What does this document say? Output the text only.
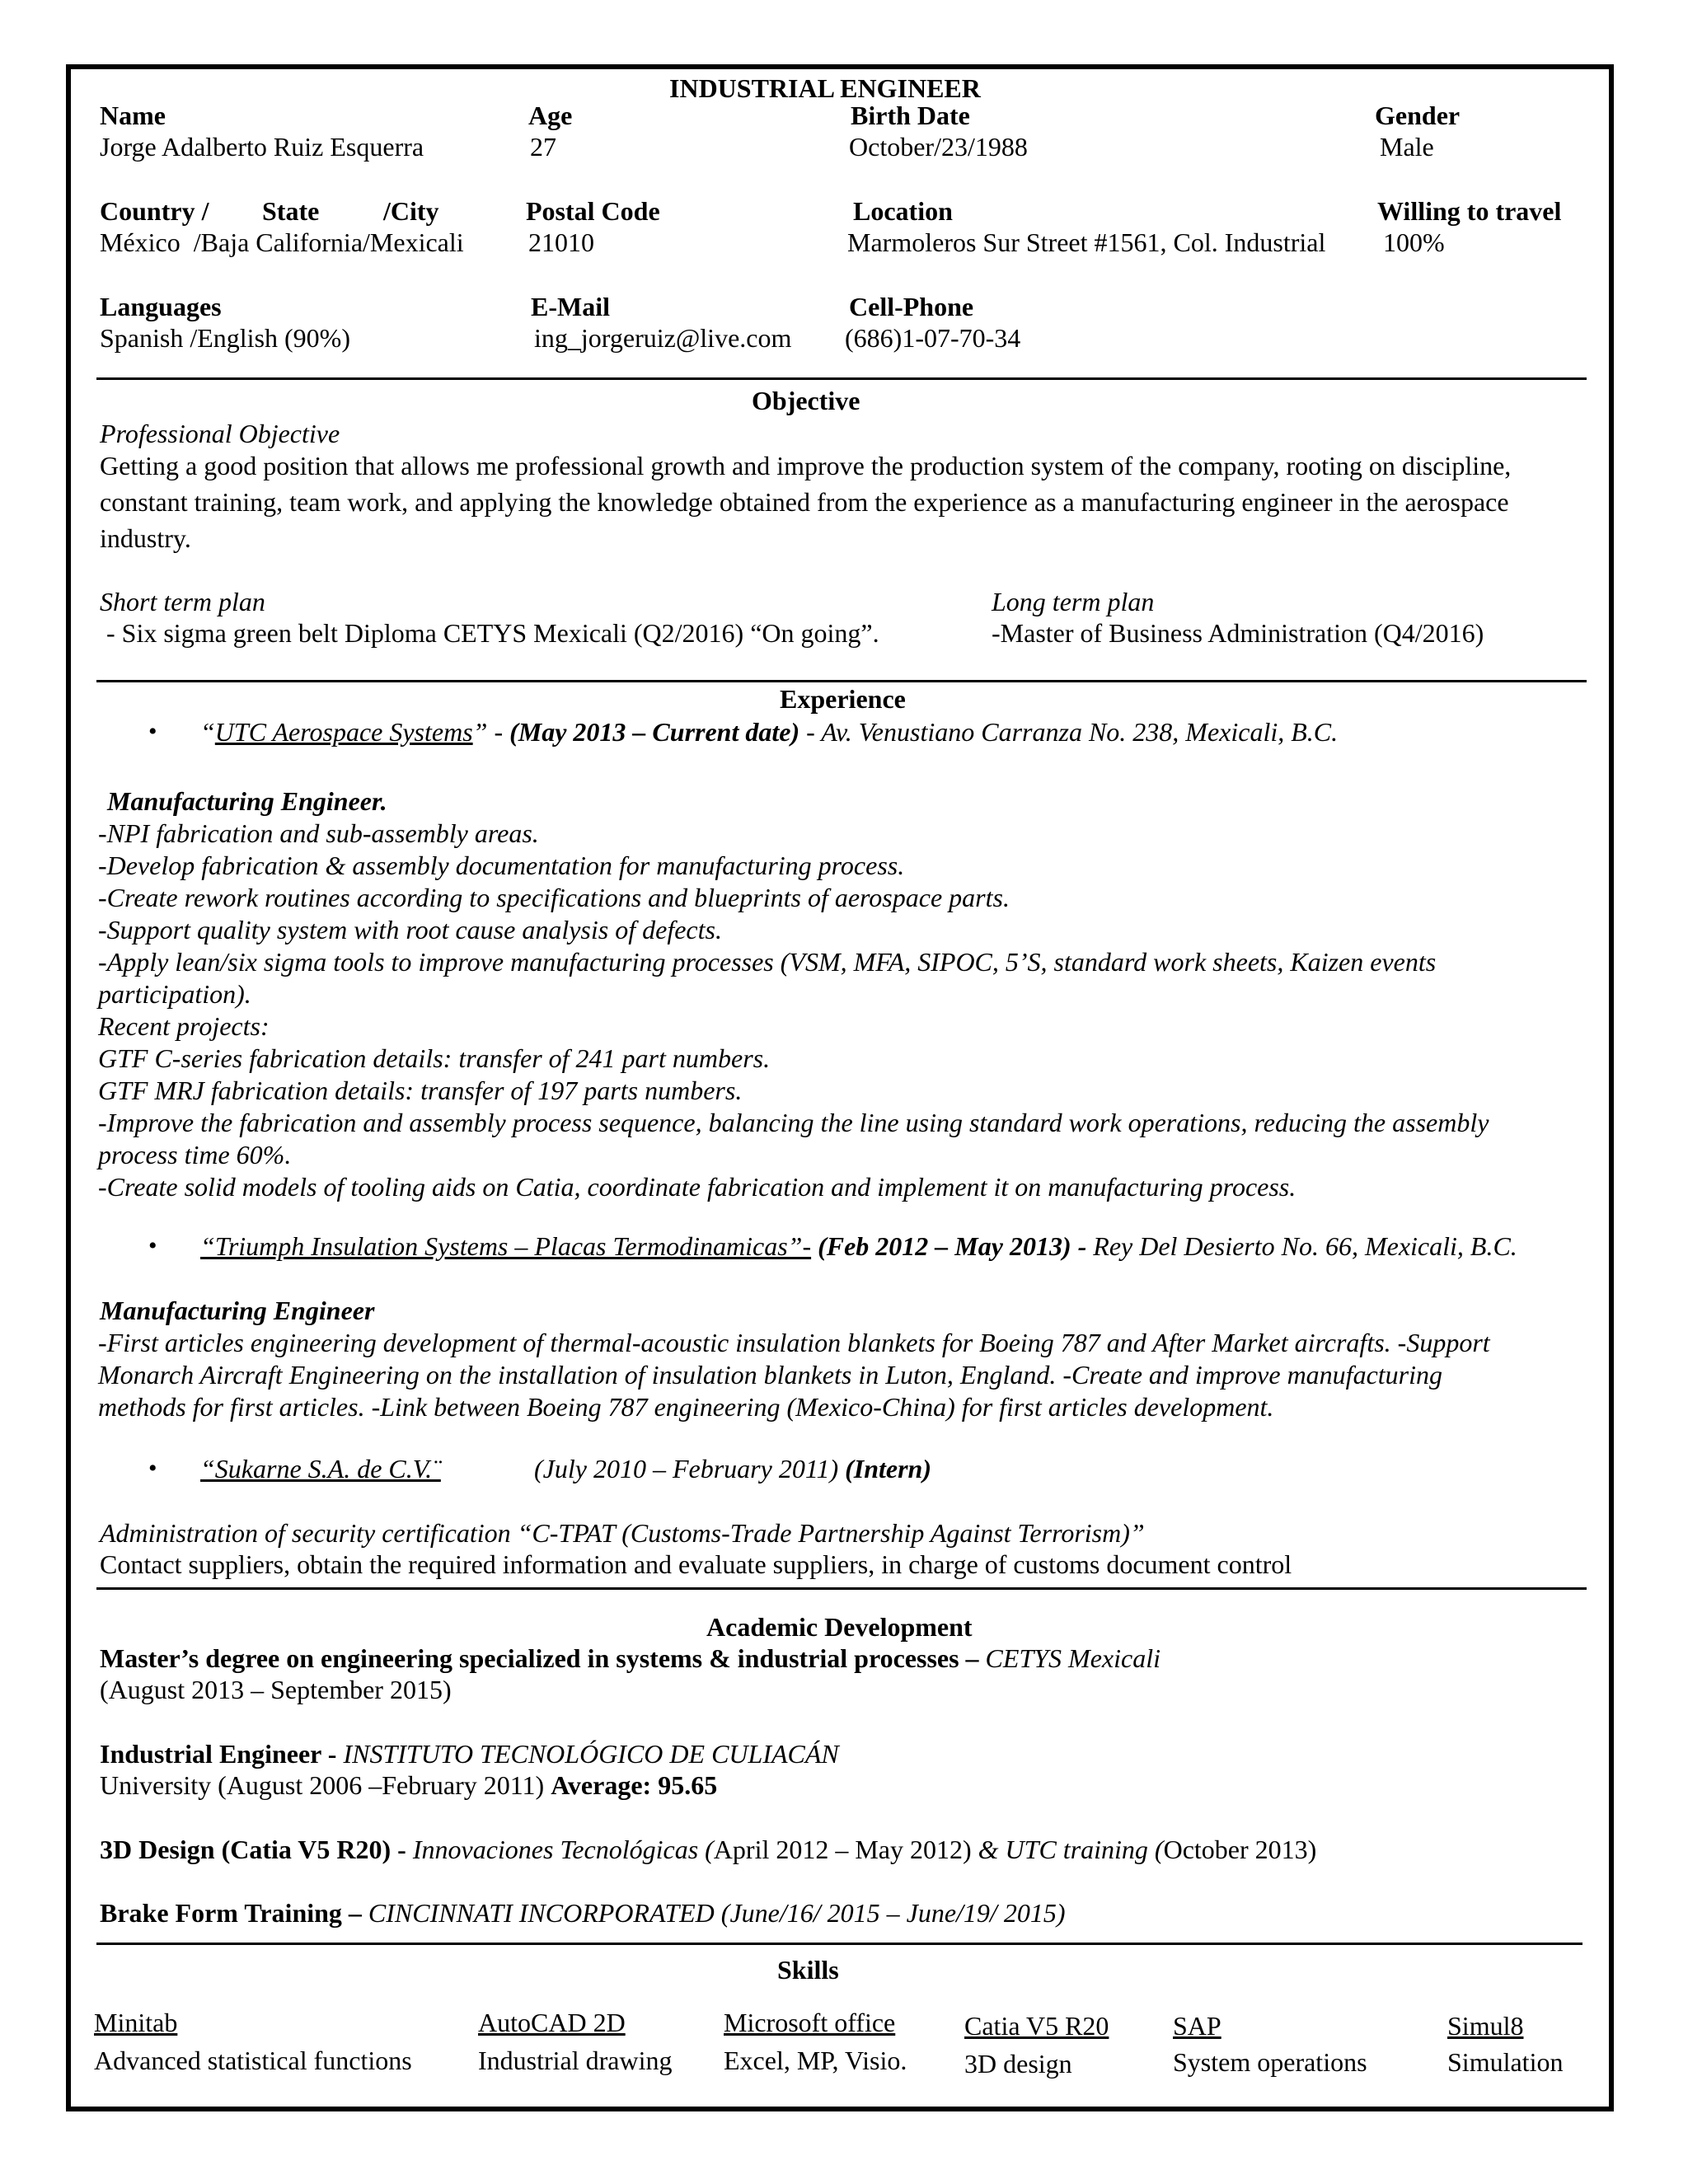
INDUSTRIAL ENGINEER
Name
Jorge Adalberto Ruiz Esquerra
Age
27
Birth Date
October/23/1988
Gender
Male
Country / State /City
México  /Baja California/Mexicali
Postal Code
21010
Location
Marmoleros Sur Street #1561, Col. Industrial
Willing to travel
100%
Languages
Spanish /English (90%)
E-Mail
ing_jorgeruiz@live.com
Cell-Phone
(686)1-07-70-34
Objective
Professional Objective
Getting a good position that allows me professional growth and improve the production system of the company, rooting on discipline, constant training, team work, and applying the knowledge obtained from the experience as a manufacturing engineer in the aerospace industry.
Short term plan
- Six sigma green belt Diploma CETYS Mexicali (Q2/2016) “On going”.
Long term plan
-Master of Business Administration (Q4/2016)
Experience
• “UTC Aerospace Systems” - (May 2013 – Current date) - Av. Venustiano Carranza No. 238, Mexicali, B.C.
Manufacturing Engineer.
-NPI fabrication and sub-assembly areas.
-Develop fabrication & assembly documentation for manufacturing process.
-Create rework routines according to specifications and blueprints of aerospace parts.
-Support quality system with root cause analysis of defects.
-Apply lean/six sigma tools to improve manufacturing processes (VSM, MFA, SIPOC, 5’S, standard work sheets, Kaizen events
participation).
Recent projects:
GTF C-series fabrication details: transfer of 241 part numbers.
GTF MRJ fabrication details: transfer of 197 parts numbers.
-Improve the fabrication and assembly process sequence, balancing the line using standard work operations, reducing the assembly
process time 60%.
-Create solid models of tooling aids on Catia, coordinate fabrication and implement it on manufacturing process.
• “Triumph Insulation Systems – Placas Termodinamicas”- (Feb 2012 – May 2013) - Rey Del Desierto No. 66, Mexicali, B.C.
Manufacturing Engineer
-First articles engineering development of thermal-acoustic insulation blankets for Boeing 787 and After Market aircrafts. -Support
Monarch Aircraft Engineering on the installation of insulation blankets in Luton, England. -Create and improve manufacturing
methods for first articles. -Link between Boeing 787 engineering (Mexico-China) for first articles development.
• “Sukarne S.A. de C.V.¨	(July 2010 – February 2011) (Intern)
Administration of security certification “C-TPAT (Customs-Trade Partnership Against Terrorism)”
Contact suppliers, obtain the required information and evaluate suppliers, in charge of customs document control
Academic Development
Master’s degree on engineering specialized in systems & industrial processes – CETYS Mexicali
(August 2013 – September 2015)
Industrial Engineer - INSTITUTO TECNOLÓGICO DE CULIACÁN
University (August 2006 –February 2011) Average: 95.65
3D Design (Catia V5 R20) - Innovaciones Tecnológicas (April 2012 – May 2012) & UTC training (October 2013)
Brake Form Training – CINCINNATI INCORPORATED (June/16/ 2015 – June/19/ 2015)
Skills
Minitab
Advanced statistical functions
AutoCAD 2D
Industrial drawing
Microsoft office
Excel, MP, Visio.
Catia V5 R20
3D design
SAP
System operations
Simul8
Simulation
